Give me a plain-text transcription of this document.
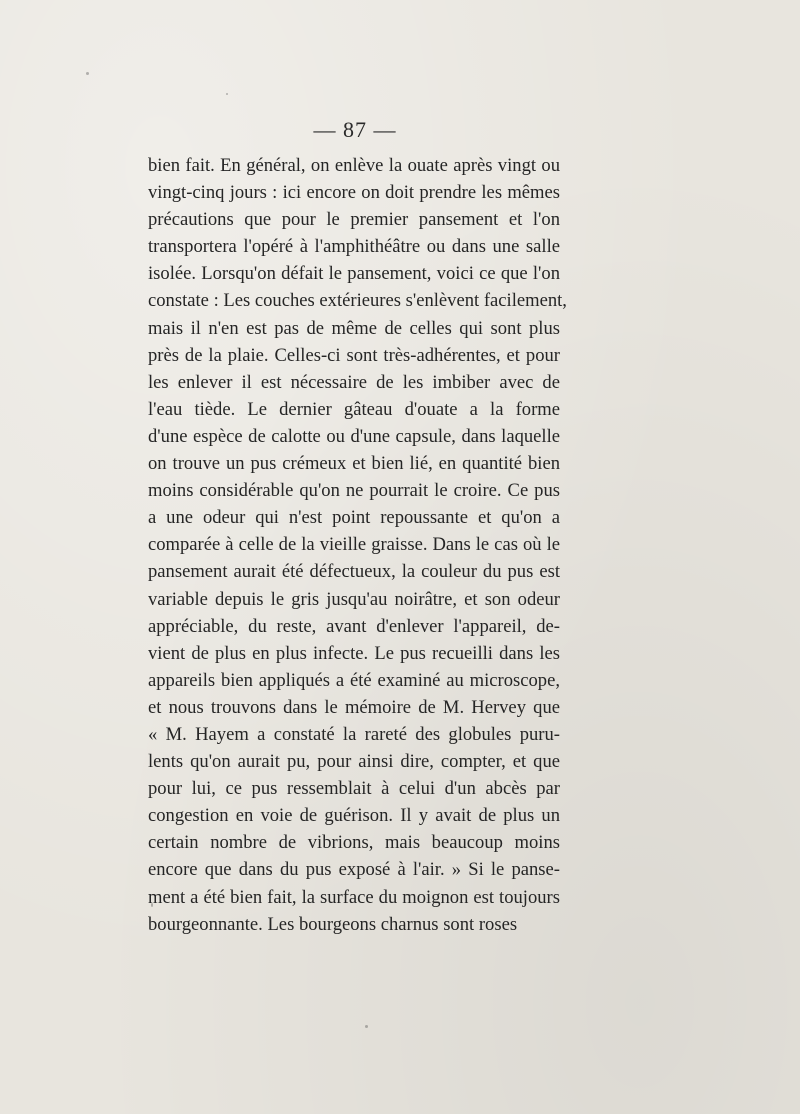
— 87 —
bien fait. En général, on enlève la ouate après vingt ou
vingt-cinq jours : ici encore on doit prendre les mêmes
précautions que pour le premier pansement et l'on
transportera l'opéré à l'amphithéâtre ou dans une salle
isolée. Lorsqu'on défait le pansement, voici ce que l'on
constate : Les couches extérieures s'enlèvent facilement,
mais il n'en est pas de même de celles qui sont plus
près de la plaie. Celles-ci sont très-adhérentes, et pour
les enlever il est nécessaire de les imbiber avec de
l'eau tiède. Le dernier gâteau d'ouate a la forme
d'une espèce de calotte ou d'une capsule, dans laquelle
on trouve un pus crémeux et bien lié, en quantité bien
moins considérable qu'on ne pourrait le croire. Ce pus
a une odeur qui n'est point repoussante et qu'on a
comparée à celle de la vieille graisse. Dans le cas où le
pansement aurait été défectueux, la couleur du pus est
variable depuis le gris jusqu'au noirâtre, et son odeur
appréciable, du reste, avant d'enlever l'appareil, de-
vient de plus en plus infecte. Le pus recueilli dans les
appareils bien appliqués a été examiné au microscope,
et nous trouvons dans le mémoire de M. Hervey que
« M. Hayem a constaté la rareté des globules puru-
lents qu'on aurait pu, pour ainsi dire, compter, et que
pour lui, ce pus ressemblait à celui d'un abcès par
congestion en voie de guérison. Il y avait de plus un
certain nombre de vibrions, mais beaucoup moins
encore que dans du pus exposé à l'air. » Si le panse-
ment a été bien fait, la surface du moignon est toujours
bourgeonnante. Les bourgeons charnus sont roses
